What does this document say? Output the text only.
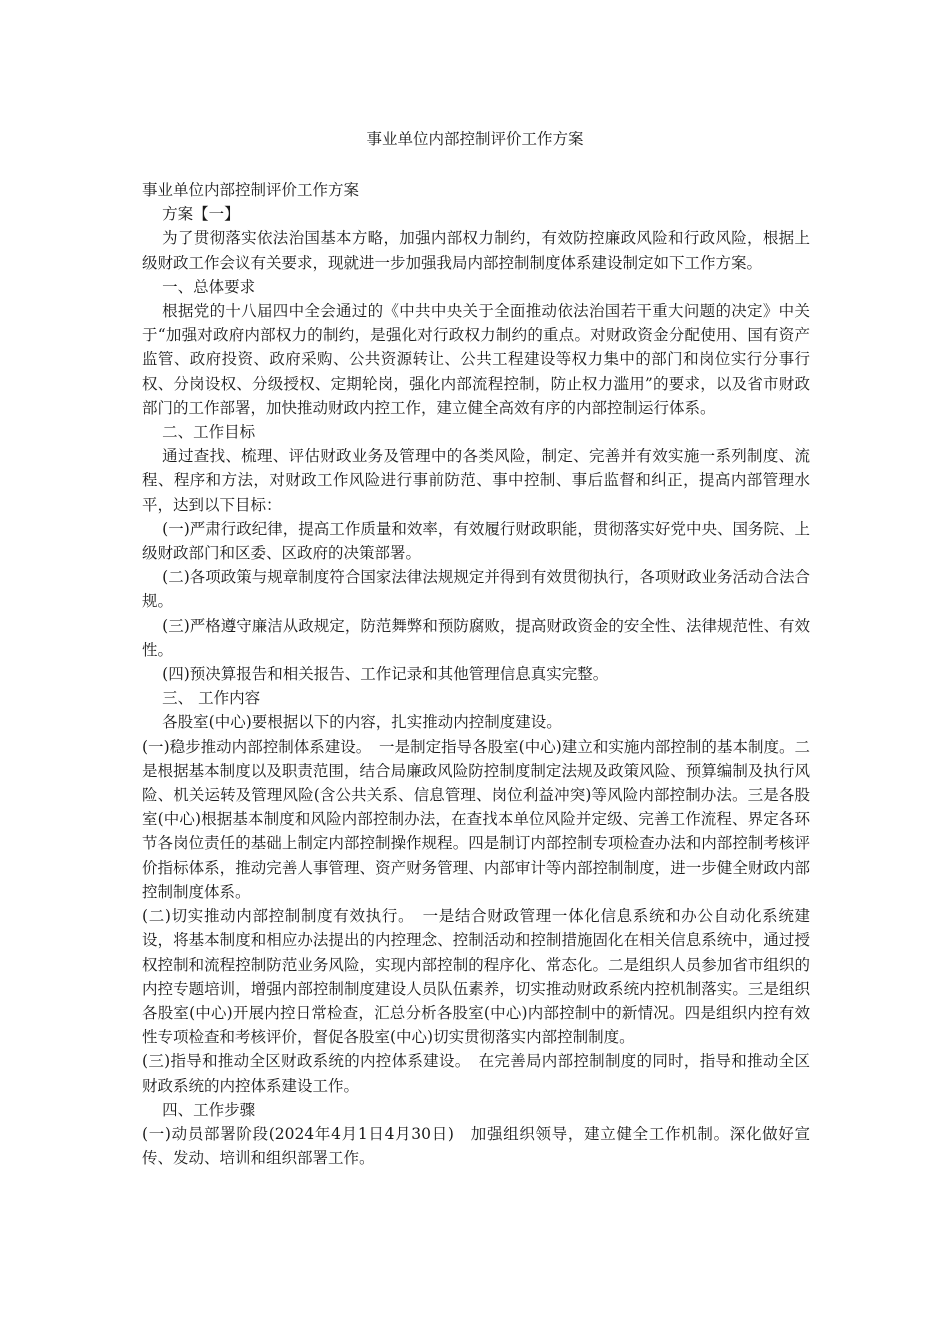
事业单位内部控制评价工作方案

事业单位内部控制评价工作方案

方案【一】

为了贯彻落实依法治国基本方略，加强内部权力制约，有效防控廉政风险和行政风险，根据上级财政工作会议有关要求，现就进一步加强我局内部控制制度体系建设制定如下工作方案。

一、总体要求

根据党的十八届四中全会通过的《中共中央关于全面推动依法治国若干重大问题的决定》中关于“加强对政府内部权力的制约，是强化对行政权力制约的重点。对财政资金分配使用、国有资产监管、政府投资、政府采购、公共资源转让、公共工程建设等权力集中的部门和岗位实行分事行权、分岗设权、分级授权、定期轮岗，强化内部流程控制，防止权力滥用”的要求，以及省市财政部门的工作部署，加快推动财政内控工作，建立健全高效有序的内部控制运行体系。

二、工作目标

通过查找、梳理、评估财政业务及管理中的各类风险，制定、完善并有效实施一系列制度、流程、程序和方法，对财政工作风险进行事前防范、事中控制、事后监督和纠正，提高内部管理水平，达到以下目标：

(一)严肃行政纪律，提高工作质量和效率，有效履行财政职能，贯彻落实好党中央、国务院、上级财政部门和区委、区政府的决策部署。

(二)各项政策与规章制度符合国家法律法规规定并得到有效贯彻执行，各项财政业务活动合法合规。

(三)严格遵守廉洁从政规定，防范舞弊和预防腐败，提高财政资金的安全性、法律规范性、有效性。

(四)预决算报告和相关报告、工作记录和其他管理信息真实完整。

三、 工作内容

各股室(中心)要根据以下的内容，扎实推动内控制度建设。

(一)稳步推动内部控制体系建设。　一是制定指导各股室(中心)建立和实施内部控制的基本制度。二是根据基本制度以及职责范围，结合局廉政风险防控制度制定法规及政策风险、预算编制及执行风险、机关运转及管理风险(含公共关系、信息管理、岗位利益冲突)等风险内部控制办法。三是各股室(中心)根据基本制度和风险内部控制办法，在查找本单位风险并定级、完善工作流程、界定各环节各岗位责任的基础上制定内部控制操作规程。四是制订内部控制专项检查办法和内部控制考核评价指标体系，推动完善人事管理、资产财务管理、内部审计等内部控制制度，进一步健全财政内部控制制度体系。

(二)切实推动内部控制制度有效执行。　一是结合财政管理一体化信息系统和办公自动化系统建设，将基本制度和相应办法提出的内控理念、控制活动和控制措施固化在相关信息系统中，通过授权控制和流程控制防范业务风险，实现内部控制的程序化、常态化。二是组织人员参加省市组织的内控专题培训，增强内部控制制度建设人员队伍素养，切实推动财政系统内控机制落实。三是组织各股室(中心)开展内控日常检查，汇总分析各股室(中心)内部控制中的新情况。四是组织内控有效性专项检查和考核评价，督促各股室(中心)切实贯彻落实内部控制制度。

(三)指导和推动全区财政系统的内控体系建设。　在完善局内部控制制度的同时，指导和推动全区财政系统的内控体系建设工作。

四、工作步骤

(一)动员部署阶段(2024年4月1日4月30日)　加强组织领导，建立健全工作机制。深化做好宣传、发动、培训和组织部署工作。
